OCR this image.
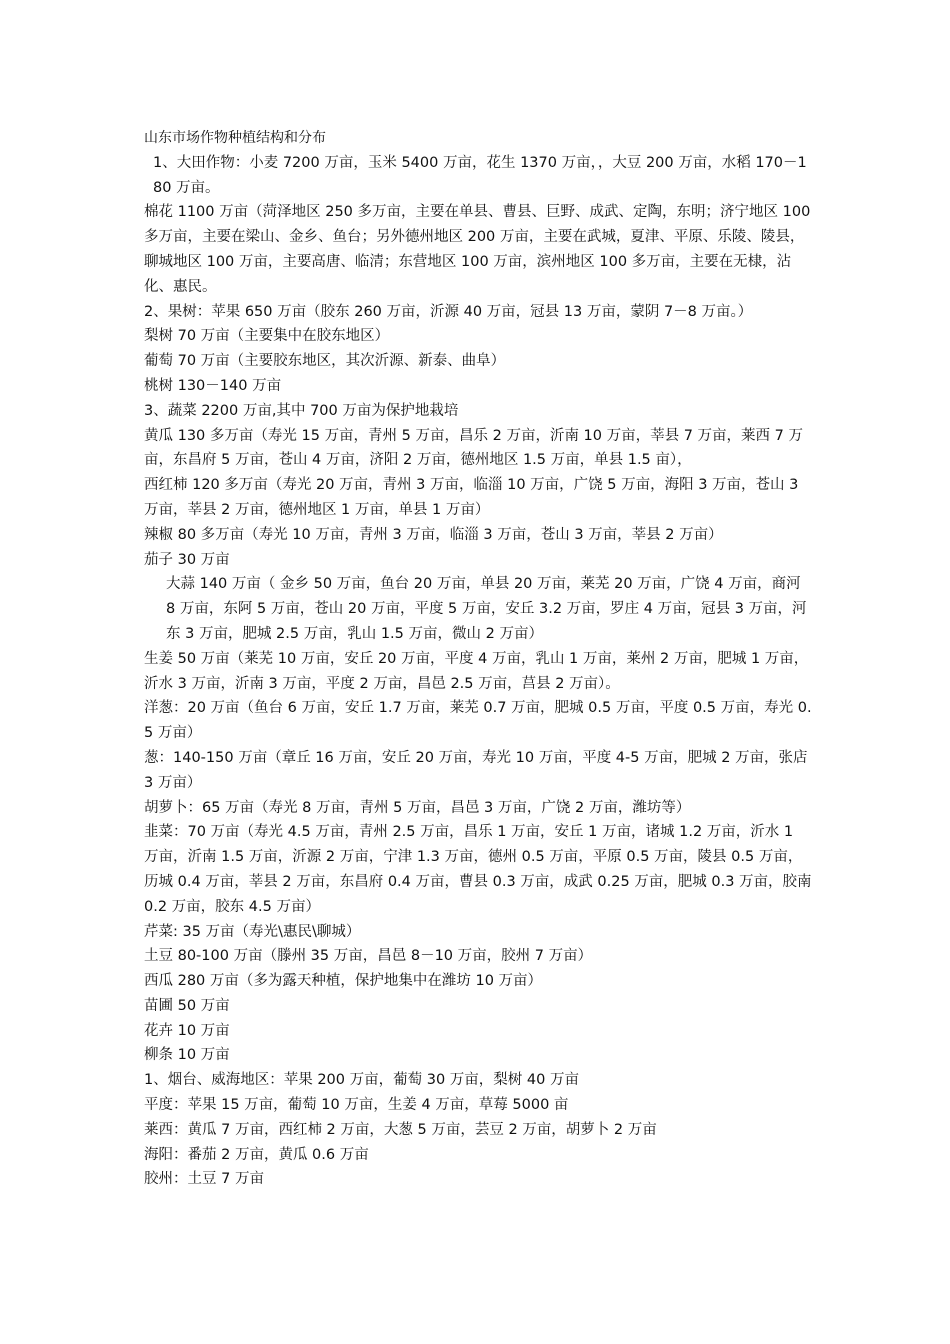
山东市场作物种植结构和分布

1、大田作物：小麦 7200 万亩，玉米 5400 万亩，花生 1370 万亩，，大豆 200 万亩，水稻 170－180 万亩。

棉花 1100 万亩（菏泽地区 250 多万亩，主要在单县、曹县、巨野、成武、定陶，东明；济宁地区 100 多万亩，主要在梁山、金乡、鱼台；另外德州地区 200 万亩，主要在武城，夏津、平原、乐陵、陵县，聊城地区 100 万亩，主要高唐、临清；东营地区 100 万亩，滨州地区 100 多万亩，主要在无棣，沾化、惠民。

2、果树：苹果 650 万亩（胶东 260 万亩，沂源 40 万亩，冠县 13 万亩，蒙阴 7－8 万亩。）

梨树 70 万亩（主要集中在胶东地区）

葡萄 70 万亩（主要胶东地区，其次沂源、新泰、曲阜）

桃树 130－140 万亩

3、蔬菜 2200 万亩,其中 700 万亩为保护地栽培

黄瓜 130 多万亩（寿光 15 万亩，青州 5 万亩，昌乐 2 万亩，沂南 10 万亩，莘县 7 万亩，莱西 7 万亩，东昌府 5 万亩，苍山 4 万亩，济阳 2 万亩，德州地区 1.5 万亩，单县 1.5 亩），

西红柿 120 多万亩（寿光 20 万亩，青州 3 万亩，临淄 10 万亩，广饶 5 万亩，海阳 3 万亩，苍山 3 万亩，莘县 2 万亩，德州地区 1 万亩，单县 1 万亩）

辣椒 80 多万亩（寿光 10 万亩，青州 3 万亩，临淄 3 万亩，苍山 3 万亩，莘县 2 万亩）

茄子 30 万亩

大蒜 140 万亩（ 金乡 50 万亩，鱼台 20 万亩，单县 20 万亩，莱芜 20 万亩，广饶 4 万亩，商河 8 万亩，东阿 5 万亩，苍山 20 万亩，平度 5 万亩，安丘 3.2 万亩，罗庄 4 万亩，冠县 3 万亩，河东 3 万亩，肥城 2.5 万亩，乳山 1.5 万亩，微山 2 万亩）

生姜 50 万亩（莱芜 10 万亩，安丘 20 万亩，平度 4 万亩，乳山 1 万亩，莱州 2 万亩，肥城 1 万亩，沂水 3 万亩，沂南 3 万亩，平度 2 万亩，昌邑 2.5 万亩，莒县 2 万亩）。

洋葱：20 万亩（鱼台 6 万亩，安丘 1.7 万亩，莱芜 0.7 万亩，肥城 0.5 万亩，平度 0.5 万亩，寿光 0.5 万亩）

葱：140-150 万亩（章丘 16 万亩，安丘 20 万亩，寿光 10 万亩，平度 4-5 万亩，肥城 2 万亩，张店 3 万亩）

胡萝卜：65 万亩（寿光 8 万亩，青州 5 万亩，昌邑 3 万亩，广饶 2 万亩，潍坊等）

韭菜：70 万亩（寿光 4.5 万亩，青州 2.5 万亩，昌乐 1 万亩，安丘 1 万亩，诸城 1.2 万亩，沂水 1 万亩，沂南 1.5 万亩，沂源 2 万亩，宁津 1.3 万亩，德州 0.5 万亩，平原 0.5 万亩，陵县 0.5 万亩，历城 0.4 万亩，莘县 2 万亩，东昌府 0.4 万亩，曹县 0.3 万亩，成武 0.25 万亩，肥城 0.3 万亩，胶南 0.2 万亩，胶东 4.5 万亩）

芹菜: 35 万亩（寿光\惠民\聊城）

土豆 80-100 万亩（滕州 35 万亩，昌邑 8－10 万亩，胶州 7 万亩）

西瓜 280 万亩（多为露天种植，保护地集中在潍坊 10 万亩）

苗圃 50 万亩

花卉 10 万亩

柳条 10 万亩

1、烟台、威海地区：苹果 200 万亩，葡萄 30 万亩，梨树 40 万亩

平度：苹果 15 万亩，葡萄 10 万亩，生姜 4 万亩，草莓 5000 亩

莱西：黄瓜 7 万亩，西红柿 2 万亩，大葱 5 万亩，芸豆 2 万亩，胡萝卜 2 万亩

海阳：番茄 2 万亩，黄瓜 0.6 万亩

胶州：土豆 7 万亩
